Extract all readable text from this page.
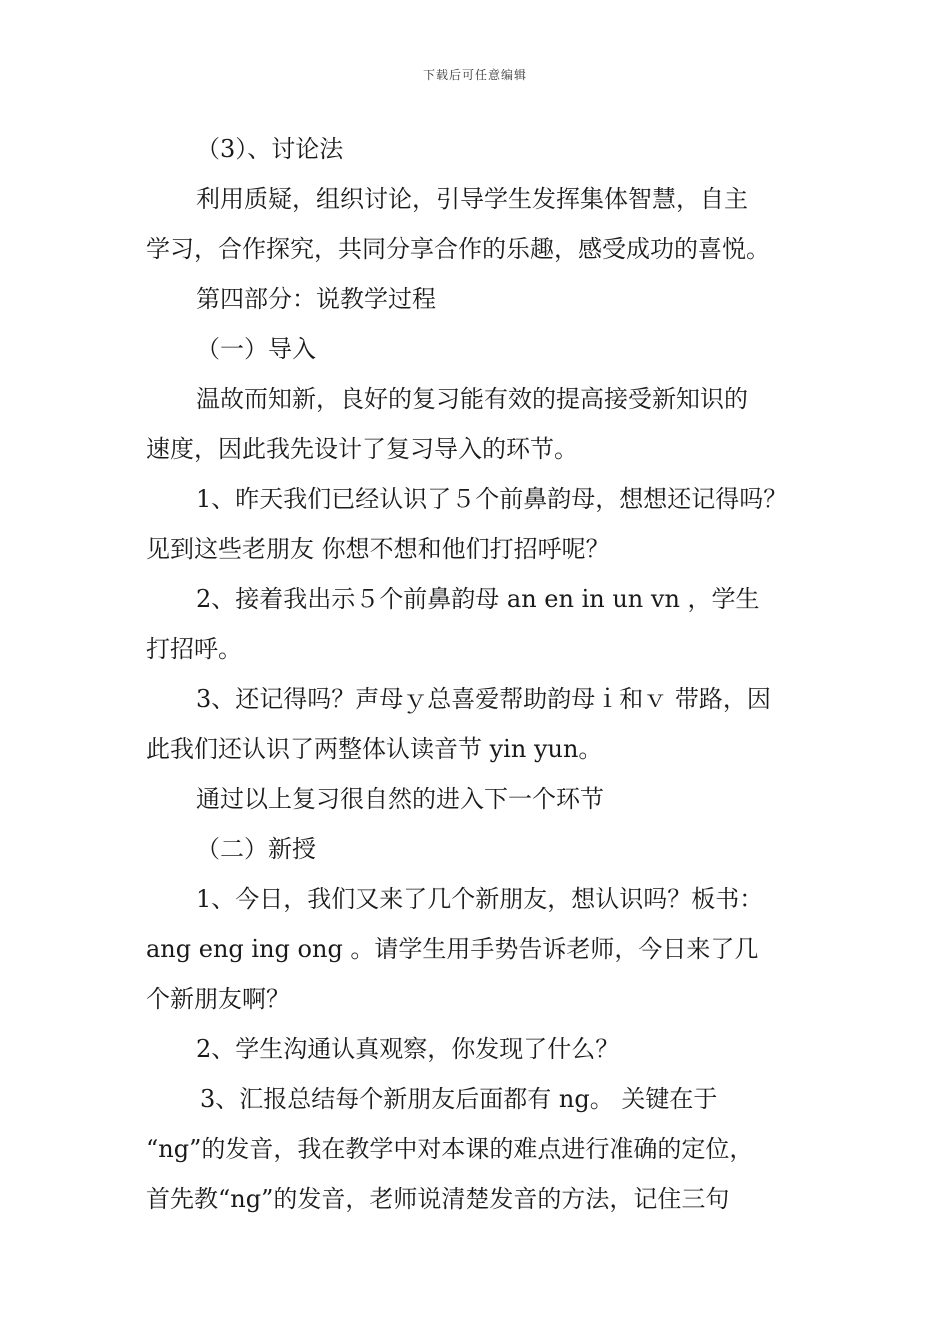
下载后可任意编辑
（3）、讨论法
利用质疑，组织讨论，引导学生发挥集体智慧，自主
学习，合作探究，共同分享合作的乐趣，感受成功的喜悦。
第四部分：说教学过程
（一）导入
温故而知新，良好的复习能有效的提高接受新知识的
速度，因此我先设计了复习导入的环节。
1、昨天我们已经认识了５个前鼻韵母，想想还记得吗？
见到这些老朋友 你想不想和他们打招呼呢？
2、接着我出示５个前鼻韵母 an en in un vn ，学生
打招呼。
3、还记得吗？声母ｙ总喜爱帮助韵母ｉ和ｖ 带路，因
此我们还认识了两整体认读音节 yin yun。
通过以上复习很自然的进入下一个环节
（二）新授
1、今日，我们又来了几个新朋友，想认识吗？板书：
ang eng ing ong 。请学生用手势告诉老师，今日来了几
个新朋友啊？
2、学生沟通认真观察，你发现了什么？
3、汇报总结每个新朋友后面都有 ng。 关键在于
“ng”的发音，我在教学中对本课的难点进行准确的定位，
首先教“ng”的发音，老师说清楚发音的方法，记住三句
